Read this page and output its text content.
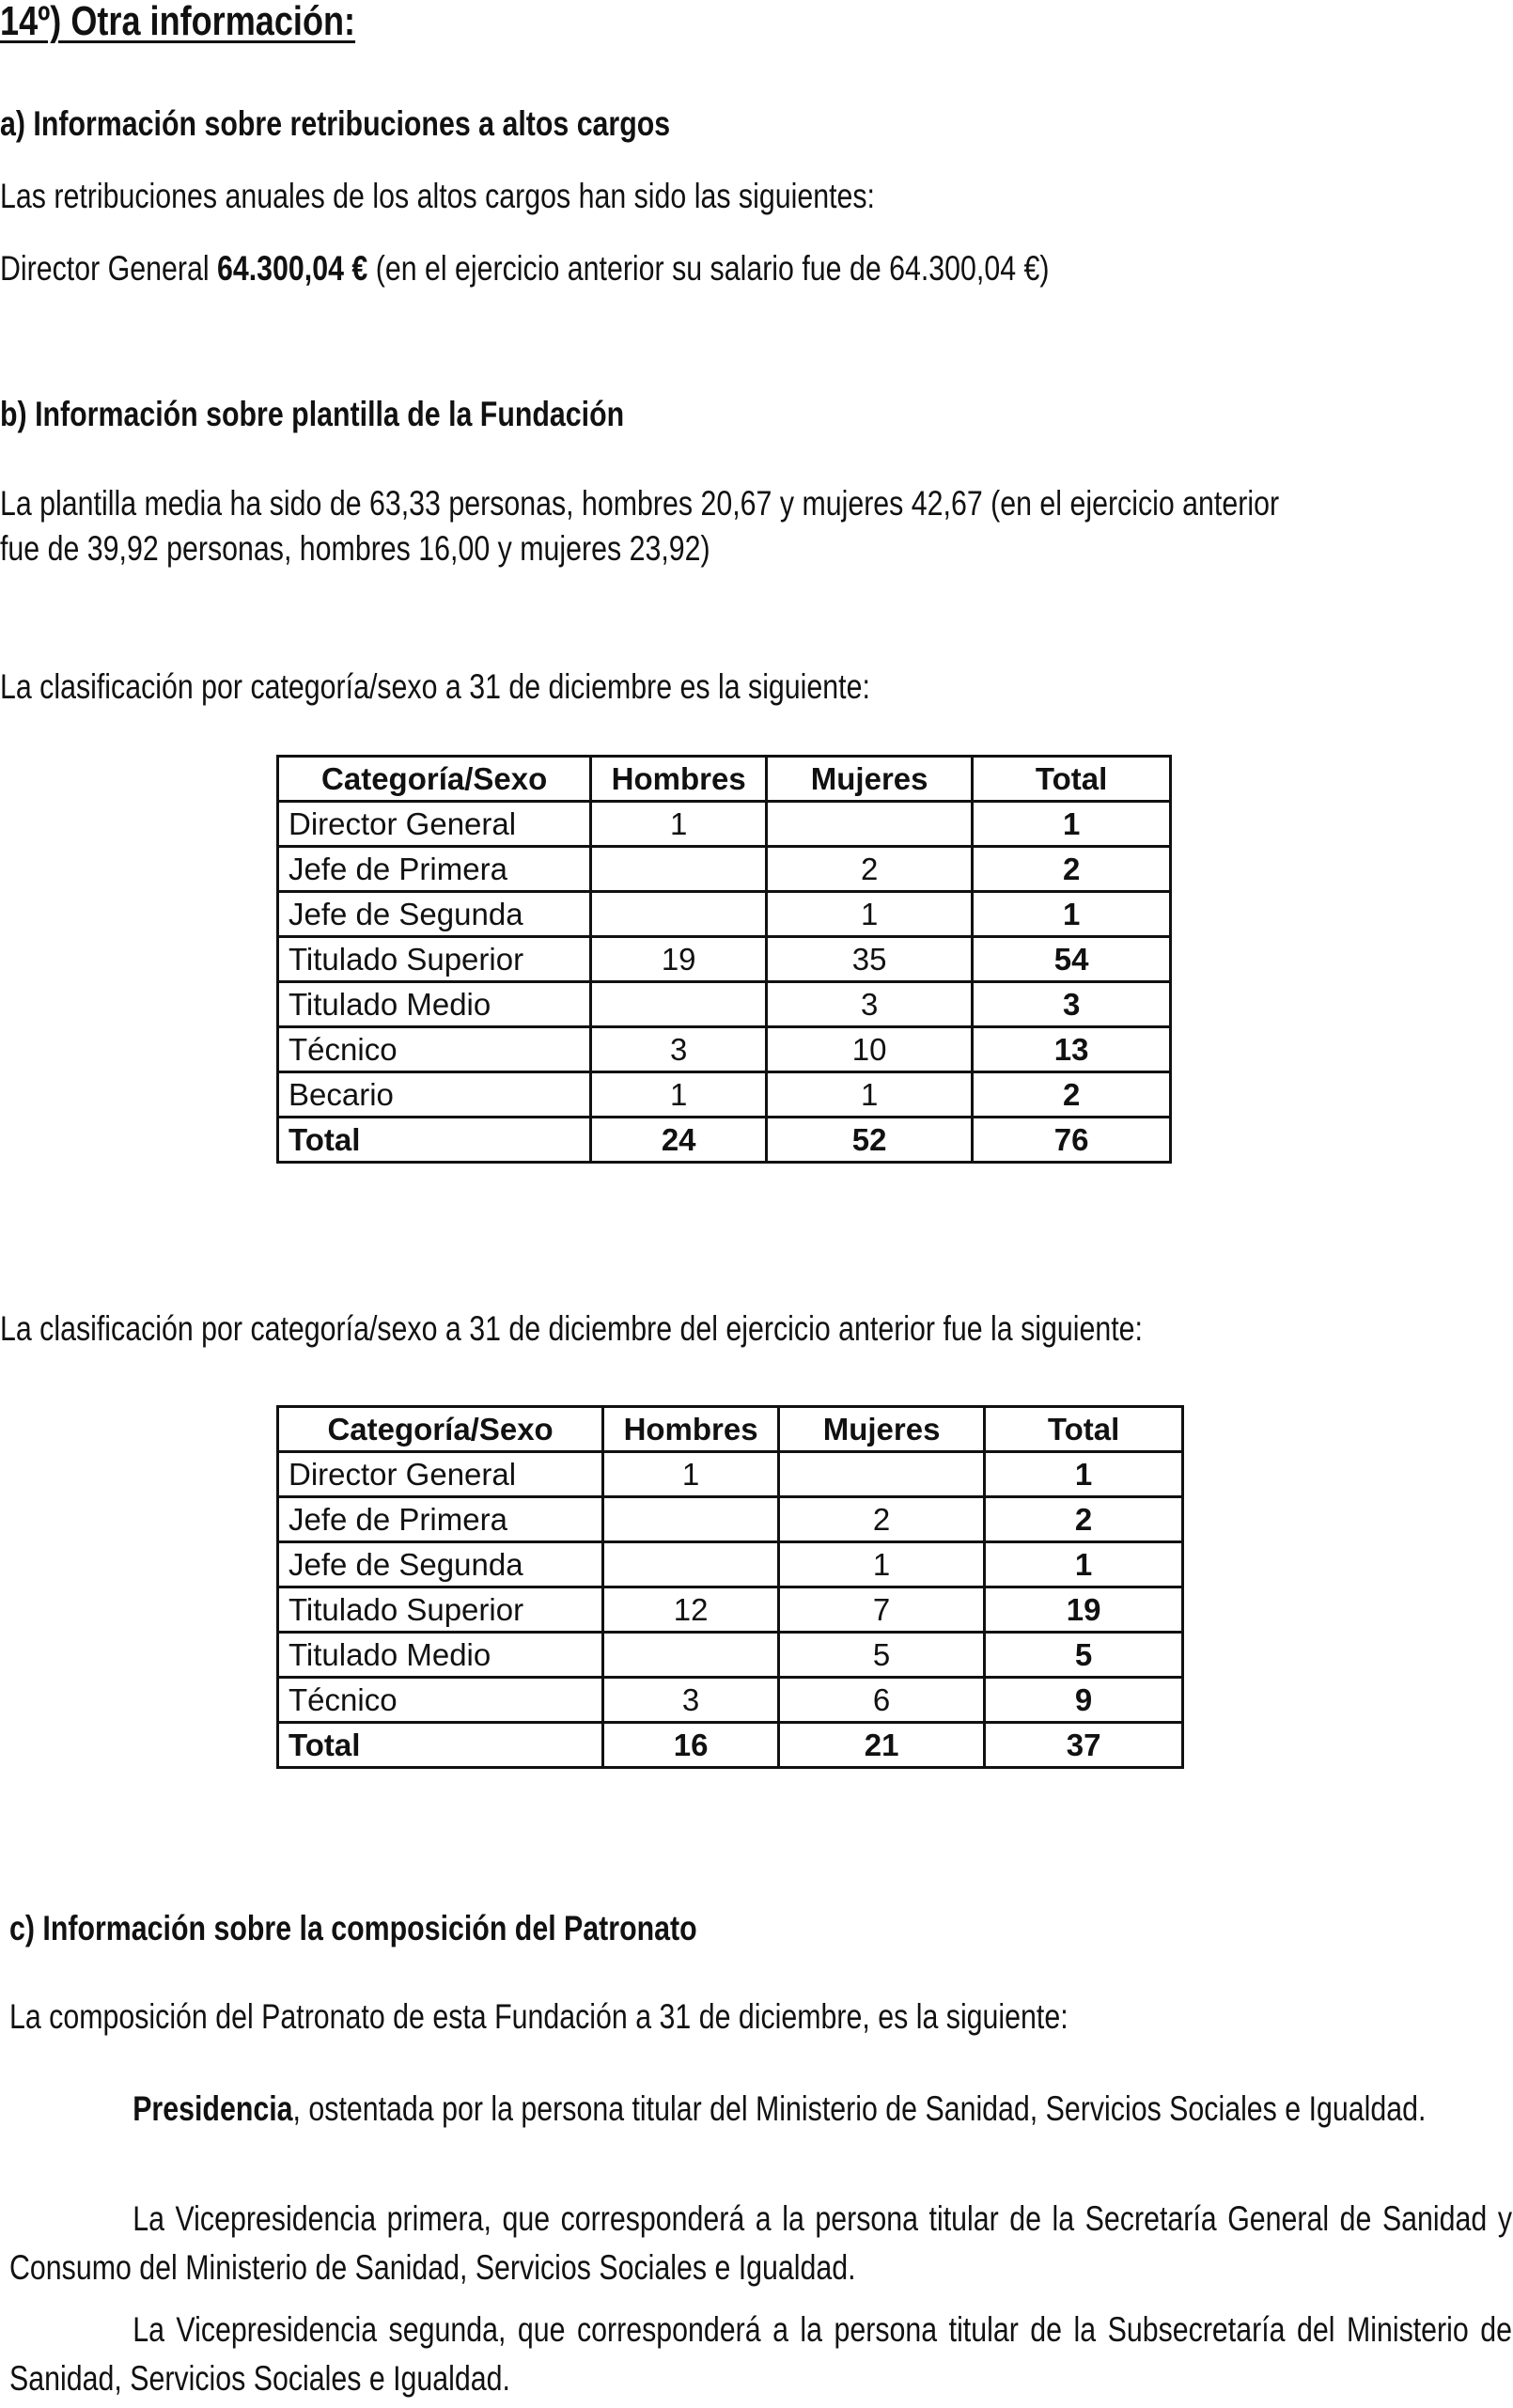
14º) Otra información:
a) Información sobre retribuciones a altos cargos
Las retribuciones anuales de los altos cargos han sido las siguientes:
Director General 64.300,04 € (en el ejercicio anterior su salario fue de 64.300,04 €)
b) Información sobre plantilla de la Fundación
La plantilla media ha sido de 63,33 personas, hombres 20,67 y mujeres 42,67 (en el ejercicio anterior
fue de 39,92 personas, hombres 16,00 y mujeres 23,92)
La clasificación por categoría/sexo a 31 de diciembre es la siguiente:
Categoría/Sexo	Hombres	Mujeres	Total
Director General	1		1
Jefe de Primera		2	2
Jefe de Segunda		1	1
Titulado Superior	19	35	54
Titulado Medio		3	3
Técnico	3	10	13
Becario	1	1	2
Total	24	52	76
La clasificación por categoría/sexo a 31 de diciembre del ejercicio anterior fue la siguiente:
Categoría/Sexo	Hombres	Mujeres	Total
Director General	1		1
Jefe de Primera		2	2
Jefe de Segunda		1	1
Titulado Superior	12	7	19
Titulado Medio		5	5
Técnico	3	6	9
Total	16	21	37
c) Información sobre la composición del Patronato
La composición del Patronato de esta Fundación a 31 de diciembre, es la siguiente:

Presidencia, ostentada por la persona titular del Ministerio de Sanidad, Servicios Sociales e Igualdad.

La Vicepresidencia primera, que corresponderá a la persona titular de la Secretaría General de Sanidad y Consumo del Ministerio de Sanidad, Servicios Sociales e Igualdad.

La Vicepresidencia segunda, que corresponderá a la persona titular de la Subsecretaría del Ministerio de Sanidad, Servicios Sociales e Igualdad.
